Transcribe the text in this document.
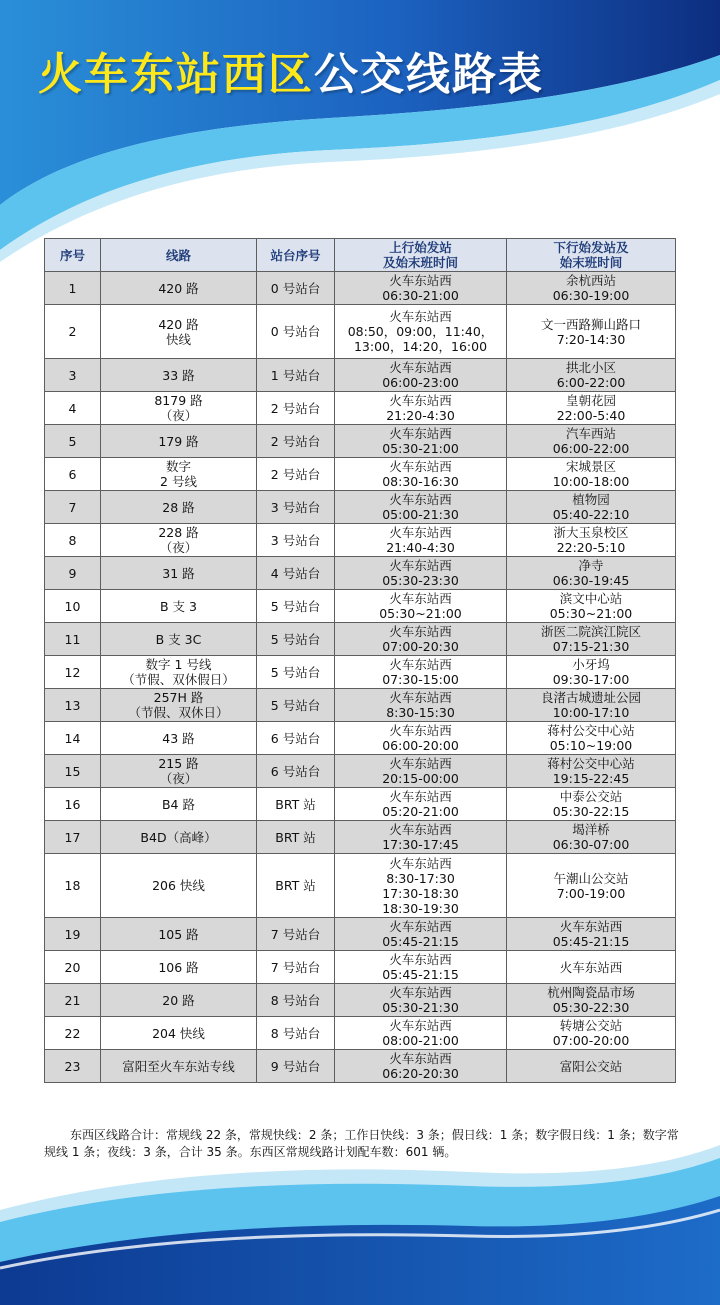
火车东站西区公交线路表
序号	线路	站台序号	上行始发站
及始末班时间	下行始发站及
始末班时间
1	420 路	0 号站台	火车东站西
06:30-21:00	余杭西站
06:30-19:00
2	420 路
快线	0 号站台	火车东站西
08:50，09:00，11:40，
13:00，14:20，16:00	文一西路狮山路口
7:20-14:30
3	33 路	1 号站台	火车东站西
06:00-23:00	拱北小区
6:00-22:00
4	8179 路
（夜）	2 号站台	火车东站西
21:20-4:30	皇朝花园
22:00-5:40
5	179 路	2 号站台	火车东站西
05:30-21:00	汽车西站
06:00-22:00
6	数字
2 号线	2 号站台	火车东站西
08:30-16:30	宋城景区
10:00-18:00
7	28 路	3 号站台	火车东站西
05:00-21:30	植物园
05:40-22:10
8	228 路
（夜）	3 号站台	火车东站西
21:40-4:30	浙大玉泉校区
22:20-5:10
9	31 路	4 号站台	火车东站西
05:30-23:30	净寺
06:30-19:45
10	B 支 3	5 号站台	火车东站西
05:30~21:00	滨文中心站
05:30~21:00
11	B 支 3C	5 号站台	火车东站西
07:00-20:30	浙医二院滨江院区
07:15-21:30
12	数字 1 号线
（节假、双休假日）	5 号站台	火车东站西
07:30-15:00	小牙坞
09:30-17:00
13	257H 路
（节假、双休日）	5 号站台	火车东站西
8:30-15:30	良渚古城遗址公园
10:00-17:10
14	43 路	6 号站台	火车东站西
06:00-20:00	蒋村公交中心站
05:10~19:00
15	215 路
（夜）	6 号站台	火车东站西
20:15-00:00	蒋村公交中心站
19:15-22:45
16	B4 路	BRT 站	火车东站西
05:20-21:00	中泰公交站
05:30-22:15
17	B4D（高峰）	BRT 站	火车东站西
17:30-17:45	堨洋桥
06:30-07:00
18	206 快线	BRT 站	火车东站西
8:30-17:30
17:30-18:30
18:30-19:30	午潮山公交站
7:00-19:00
19	105 路	7 号站台	火车东站西
05:45-21:15	火车东站西
05:45-21:15
20	106 路	7 号站台	火车东站西
05:45-21:15	火车东站西
21	20 路	8 号站台	火车东站西
05:30-21:30	杭州陶瓷品市场
05:30-22:30
22	204 快线	8 号站台	火车东站西
08:00-21:00	转塘公交站
07:00-20:00
23	富阳至火车东站专线	9 号站台	火车东站西
06:20-20:30	富阳公交站

东西区线路合计：常规线 22 条，常规快线：2 条；工作日快线：3 条；假日线：1 条；数字假日线：1 条；数字常规线 1 条；夜线：3 条，合计 35 条。东西区常规线路计划配车数：601 辆。
